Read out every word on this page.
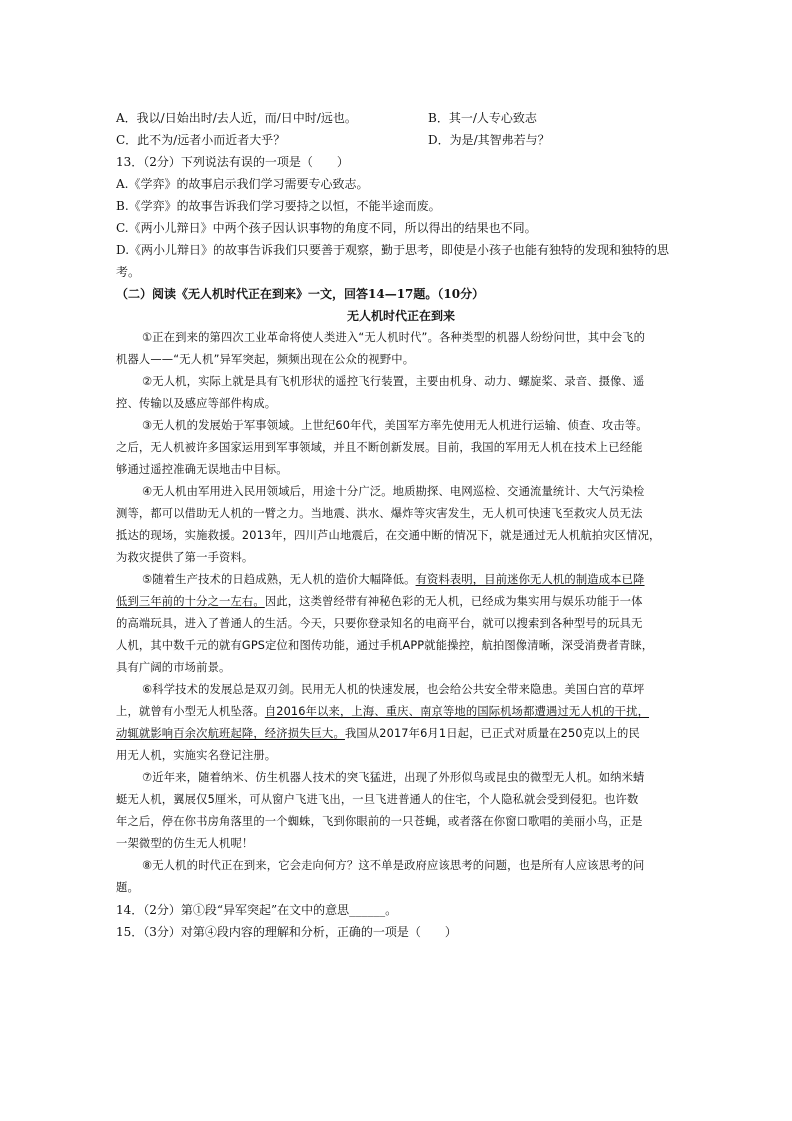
A．我以/日始出时/去人近，而/日中时/远也。	B．其一/人专心致志
C．此不为/远者小而近者大乎？	D．为是/其智弗若与？
13．（2分）下列说法有误的一项是（　　）
A.《学弈》的故事启示我们学习需要专心致志。
B.《学弈》的故事告诉我们学习要持之以恒，不能半途而废。
C.《两小儿辩日》中两个孩子因认识事物的角度不同，所以得出的结果也不同。
D.《两小儿辩日》的故事告诉我们只要善于观察，勤于思考，即使是小孩子也能有独特的发现和独特的思
考。
（二）阅读《无人机时代正在到来》一文，回答14—17题。（10分）
无人机时代正在到来
①正在到来的第四次工业革命将使人类进入“无人机时代”。各种类型的机器人纷纷问世，其中会飞的
机器人——“无人机”异军突起，频频出现在公众的视野中。
②无人机，实际上就是具有飞机形状的遥控飞行装置，主要由机身、动力、螺旋桨、录音、摄像、遥
控、传输以及感应等部件构成。
③无人机的发展始于军事领域。上世纪60年代，美国军方率先使用无人机进行运输、侦查、攻击等。
之后，无人机被许多国家运用到军事领域，并且不断创新发展。目前，我国的军用无人机在技术上已经能
够通过遥控准确无误地击中目标。
④无人机由军用进入民用领域后，用途十分广泛。地质勘探、电网巡检、交通流量统计、大气污染检
测等，都可以借助无人机的一臂之力。当地震、洪水、爆炸等灾害发生，无人机可快速飞至救灾人员无法
抵达的现场，实施救援。2013年，四川芦山地震后，在交通中断的情况下，就是通过无人机航拍灾区情况，
为救灾提供了第一手资料。
⑤随着生产技术的日趋成熟，无人机的造价大幅降低。有资料表明，目前迷你无人机的制造成本已降
低到三年前的十分之一左右。因此，这类曾经带有神秘色彩的无人机，已经成为集实用与娱乐功能于一体
的高端玩具，进入了普通人的生活。今天，只要你登录知名的电商平台，就可以搜索到各种型号的玩具无
人机，其中数千元的就有GPS定位和图传功能，通过手机APP就能操控，航拍图像清晰，深受消费者青睐，
具有广阔的市场前景。
⑥科学技术的发展总是双刃剑。民用无人机的快速发展，也会给公共安全带来隐患。美国白宫的草坪
上，就曾有小型无人机坠落。自2016年以来，上海、重庆、南京等地的国际机场都遭遇过无人机的干扰，
动辄就影响百余次航班起降，经济损失巨大。我国从2017年6月1日起，已正式对质量在250克以上的民
用无人机，实施实名登记注册。
⑦近年来，随着纳米、仿生机器人技术的突飞猛进，出现了外形似鸟或昆虫的微型无人机。如纳米蜻
蜓无人机，翼展仅5厘米，可从窗户飞进飞出，一旦飞进普通人的住宅，个人隐私就会受到侵犯。也许数
年之后，停在你书房角落里的一个蜘蛛，飞到你眼前的一只苍蝇，或者落在你窗口歌唱的美丽小鸟，正是
一架微型的仿生无人机呢！
⑧无人机的时代正在到来，它会走向何方？这不单是政府应该思考的问题，也是所有人应该思考的问
题。
14．（2分）第①段“异军突起”在文中的意思______。
15．（3分）对第④段内容的理解和分析，正确的一项是（　　）
